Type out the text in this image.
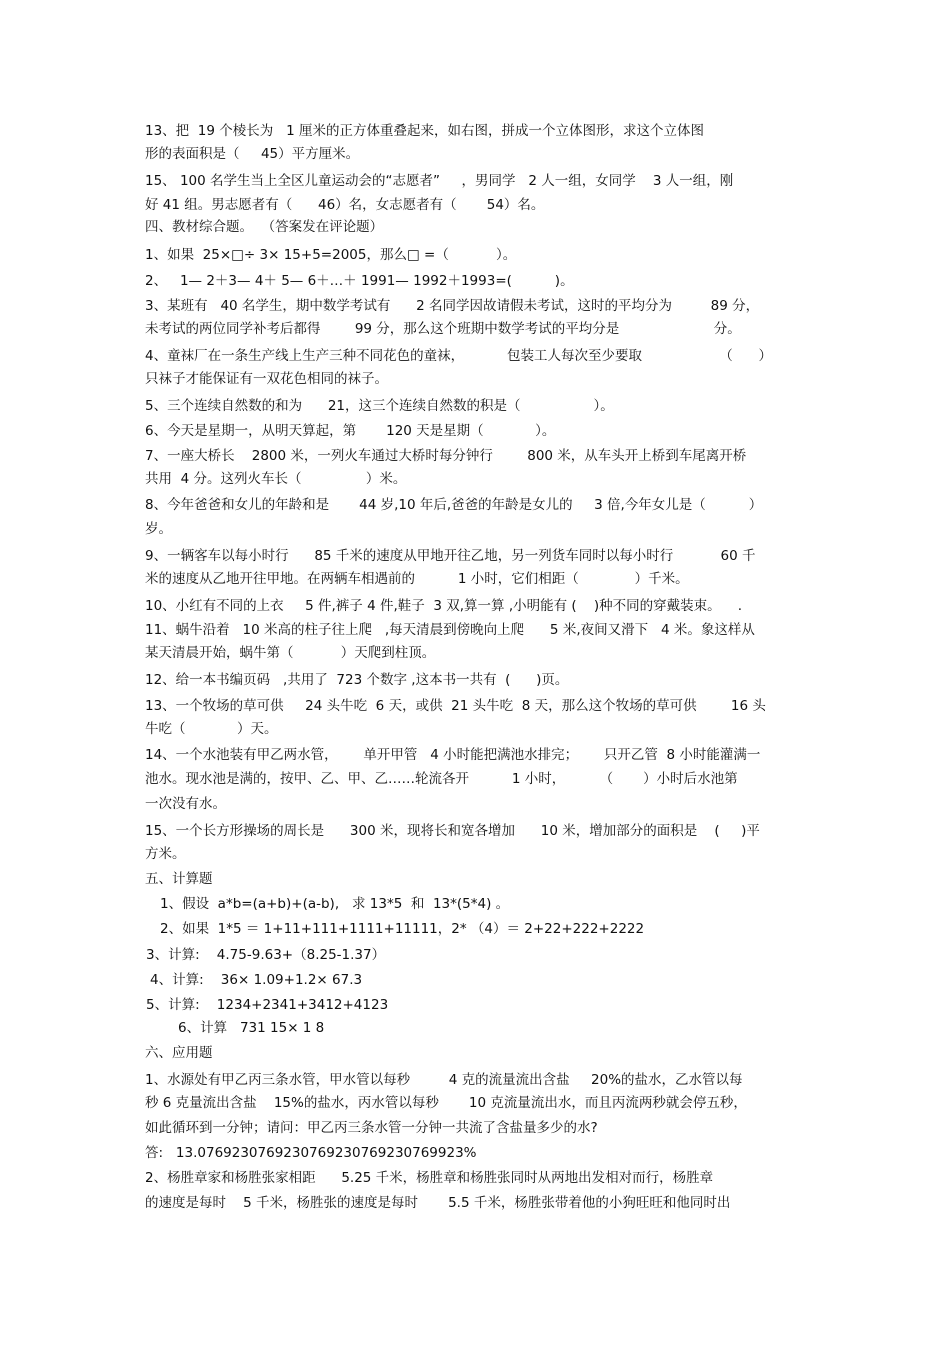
13、把  19 个棱长为   1 厘米的正方体重叠起来，如右图，拼成一个立体图形，求这个立体图
形的表面积是（     45）平方厘米。
15、 100 名学生当上全区儿童运动会的“志愿者”     ，男同学   2 人一组，女同学    3 人一组，刚
好 41 组。男志愿者有（      46）名，女志愿者有（       54）名。
四、教材综合题。  （答案发在评论题）
1、如果  25×□÷ 3× 15+5=2005，那么□ =（           ）。
2、   1— 2＋3— 4＋ 5— 6＋…＋ 1991— 1992＋1993=(          )。
3、某班有   40 名学生，期中数学考试有      2 名同学因故请假未考试，这时的平均分为         89 分，
未考试的两位同学补考后都得        99 分，那么这个班期中数学考试的平均分是                      分。
4、童袜厂在一条生产线上生产三种不同花色的童袜，          包装工人每次至少要取                  （      ）
只袜子才能保证有一双花色相同的袜子。
5、三个连续自然数的和为      21，这三个连续自然数的积是（                 ）。
6、今天是星期一，从明天算起，第       120 天是星期（            ）。
7、一座大桥长    2800 米，一列火车通过大桥时每分钟行        800 米，从车头开上桥到车尾离开桥
共用  4 分。这列火车长（               ）米。
8、今年爸爸和女儿的年龄和是       44 岁,10 年后,爸爸的年龄是女儿的     3 倍,今年女儿是（          ）
岁。
9、一辆客车以每小时行      85 千米的速度从甲地开往乙地，另一列货车同时以每小时行           60 千
米的速度从乙地开往甲地。在两辆车相遇前的          1 小时，它们相距（             ）千米。
10、小红有不同的上衣     5 件,裤子 4 件,鞋子  3 双,算一算 ,小明能有 (    )种不同的穿戴装束。    .
11、蜗牛沿着   10 米高的柱子往上爬   ,每天清晨到傍晚向上爬      5 米,夜间又滑下   4 米。象这样从
某天清晨开始，蜗牛第（           ）天爬到柱顶。
12、给一本书编页码   ,共用了  723 个数字 ,这本书一共有  (      )页。
13、一个牧场的草可供     24 头牛吃  6 天，或供  21 头牛吃  8 天，那么这个牧场的草可供        16 头
牛吃（            ）天。
14、一个水池装有甲乙两水管，      单开甲管   4 小时能把满池水排完；      只开乙管  8 小时能灌满一
池水。现水池是满的，按甲、乙、甲、乙……轮流各开          1 小时，        （       ）小时后水池第
一次没有水。
15、一个长方形操场的周长是      300 米，现将长和宽各增加      10 米，增加部分的面积是    (     )平
方米。
五、计算题
1、假设  a*b=(a+b)+(a-b),   求 13*5  和  13*(5*4) 。
2、如果  1*5 ＝ 1+11+111+1111+11111，2* （4）＝ 2+22+222+2222
3、计算:    4.75-9.63+（8.25-1.37）
4、计算:    36× 1.09+1.2× 67.3
5、计算:    1234+2341+3412+4123
6、计算   731 15× 1 8
六、应用题
1、水源处有甲乙丙三条水管，甲水管以每秒         4 克的流量流出含盐     20%的盐水，乙水管以每
秒 6 克量流出含盐    15%的盐水，丙水管以每秒       10 克流量流出水，而且丙流两秒就会停五秒，
如此循环到一分钟；请问：甲乙丙三条水管一分钟一共流了含盐量多少的水?
答:   13.0769230769230769230769230769923%
2、杨胜章家和杨胜张家相距      5.25 千米，杨胜章和杨胜张同时从两地出发相对而行，杨胜章
的速度是每时    5 千米，杨胜张的速度是每时       5.5 千米，杨胜张带着他的小狗旺旺和他同时出
